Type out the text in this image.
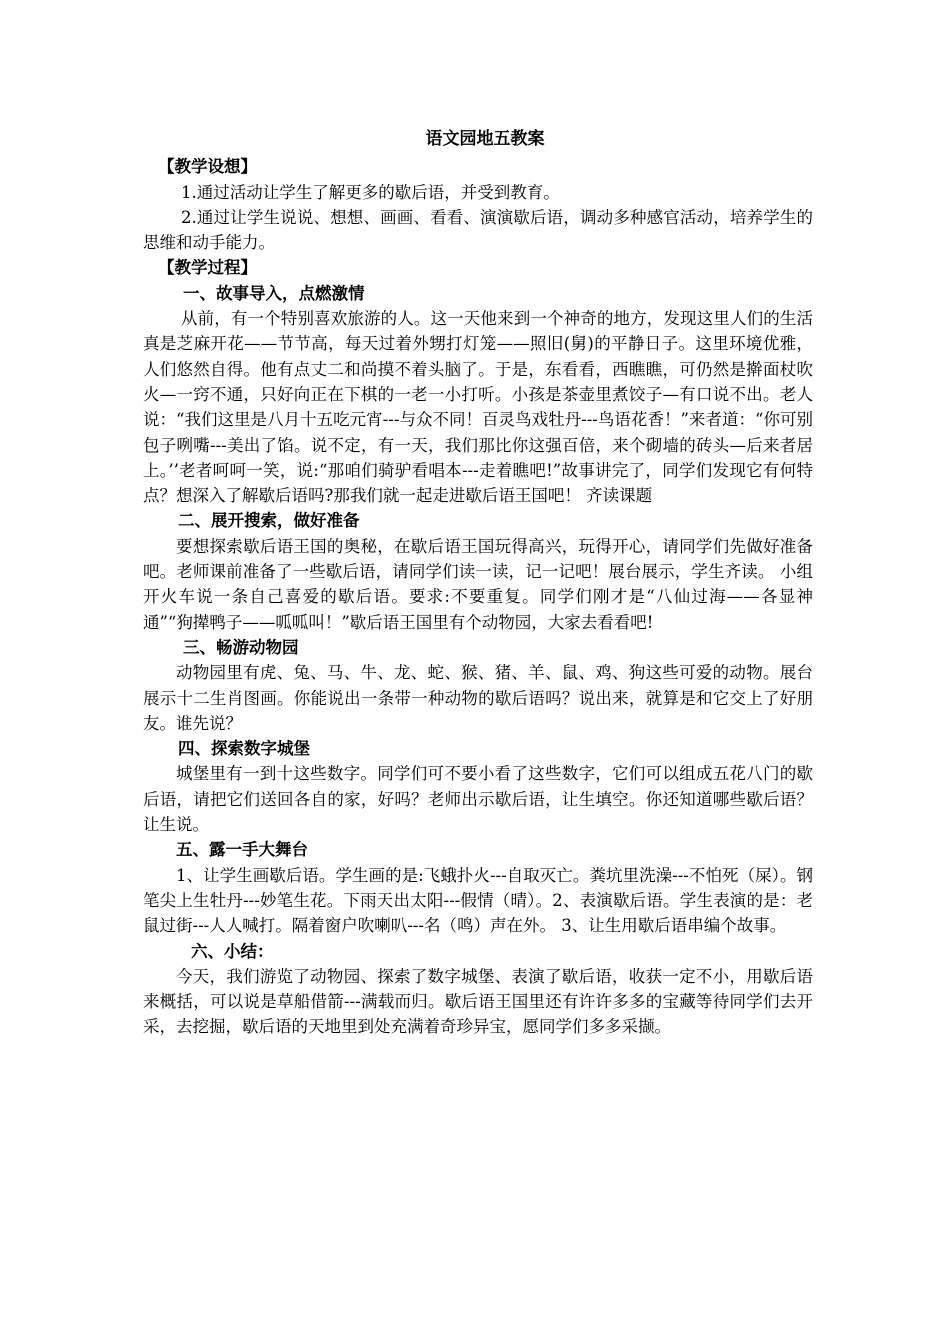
语文园地五教案

【教学设想】

1.通过活动让学生了解更多的歇后语，并受到教育。

2.通过让学生说说、想想、画画、看看、演演歇后语，调动多种感官活动，培养学生的思维和动手能力。

【教学过程】

一、故事导入，点燃激情

从前，有一个特别喜欢旅游的人。这一天他来到一个神奇的地方，发现这里人们的生活真是芝麻开花——节节高，每天过着外甥打灯笼——照旧(舅)的平静日子。这里环境优雅，人们悠然自得。他有点丈二和尚摸不着头脑了。于是，东看看，西瞧瞧，可仍然是擀面杖吹火—一窍不通，只好向正在下棋的一老一小打听。小孩是茶壶里煮饺子—有口说不出。老人说：“我们这里是八月十五吃元宵---与众不同！百灵鸟戏牡丹---鸟语花香！”来者道：“你可别包子咧嘴---美出了馅。说不定，有一天，我们那比你这强百倍，来个砌墙的砖头—后来者居上。’’老者呵呵一笑，说:“那咱们骑驴看唱本---走着瞧吧!”故事讲完了，同学们发现它有何特点？想深入了解歇后语吗?那我们就一起走进歇后语王国吧！ 齐读课题

二、展开搜索，做好准备

要想探索歇后语王国的奥秘，在歇后语王国玩得高兴，玩得开心，请同学们先做好准备吧。老师课前准备了一些歇后语，请同学们读一读，记一记吧！展台展示，学生齐读。 小组开火车说一条自己喜爱的歇后语。要求:不要重复。同学们刚才是“八仙过海——各显神通”“狗撵鸭子——呱呱叫！”歇后语王国里有个动物园，大家去看看吧!

三、畅游动物园

动物园里有虎、兔、马、牛、龙、蛇、猴、猪、羊、鼠、鸡、狗这些可爱的动物。展台展示十二生肖图画。你能说出一条带一种动物的歇后语吗？说出来，就算是和它交上了好朋友。谁先说？

四、探索数字城堡

城堡里有一到十这些数字。同学们可不要小看了这些数字，它们可以组成五花八门的歇后语，请把它们送回各自的家，好吗？老师出示歇后语，让生填空。你还知道哪些歇后语？让生说。

五、露一手大舞台

1、让学生画歇后语。学生画的是:飞蛾扑火---自取灭亡。粪坑里洗澡---不怕死（屎）。钢笔尖上生牡丹---妙笔生花。下雨天出太阳---假情（晴）。2、表演歇后语。学生表演的是：老鼠过街---人人喊打。隔着窗户吹喇叭---名（鸣）声在外。 3、让生用歇后语串编个故事。

六、小结：

今天，我们游览了动物园、探索了数字城堡、表演了歇后语，收获一定不小，用歇后语来概括，可以说是草船借箭---满载而归。歇后语王国里还有许许多多的宝藏等待同学们去开采，去挖掘，歇后语的天地里到处充满着奇珍异宝，愿同学们多多采撷。
